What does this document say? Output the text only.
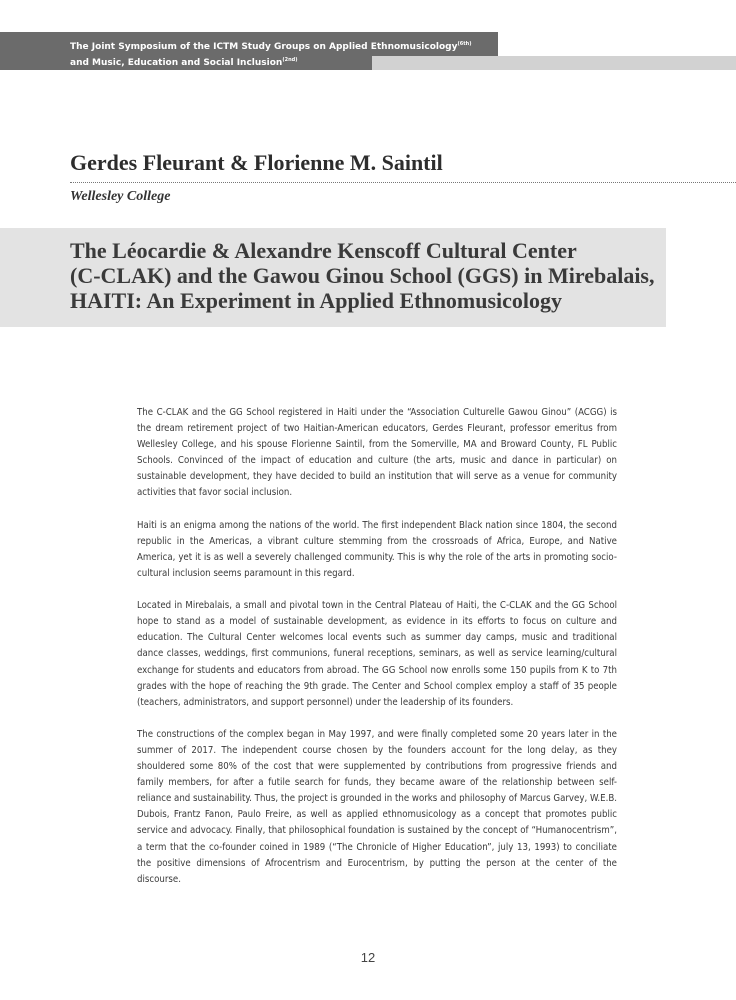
The Joint Symposium of the ICTM Study Groups on Applied Ethnomusicology$^{(6th)}$
and Music, Education and Social Inclusion$^{(2nd)}$
Gerdes Fleurant & Florienne M. Saintil
Wellesley College
The Léocardie & Alexandre Kenscoff Cultural Center
(C-CLAK) and the Gawou Ginou School (GGS) in Mirebalais,
HAITI: An Experiment in Applied Ethnomusicology

The C-CLAK and the GG School registered in Haiti under the “Association Culturelle Gawou Ginou” (ACGG) is the dream retirement project of two Haitian-American educators, Gerdes Fleurant, professor emeritus from Wellesley College, and his spouse Florienne Saintil, from the Somerville, MA and Broward County, FL Public Schools. Convinced of the impact of education and culture (the arts, music and dance in particular) on sustainable development, they have decided to build an institution that will serve as a venue for community activities that favor social inclusion.

Haiti is an enigma among the nations of the world. The first independent Black nation since 1804, the second republic in the Americas, a vibrant culture stemming from the crossroads of Africa, Europe, and Native America, yet it is as well a severely challenged community. This is why the role of the arts in promoting socio-cultural inclusion seems paramount in this regard.

Located in Mirebalais, a small and pivotal town in the Central Plateau of Haiti, the C-CLAK and the GG School hope to stand as a model of sustainable development, as evidence in its efforts to focus on culture and education. The Cultural Center welcomes local events such as summer day camps, music and traditional dance classes, weddings, first communions, funeral receptions, seminars, as well as service learning/cultural exchange for students and educators from abroad. The GG School now enrolls some 150 pupils from K to 7th grades with the hope of reaching the 9th grade. The Center and School complex employ a staff of 35 people (teachers, administrators, and support personnel) under the leadership of its founders.

The constructions of the complex began in May 1997, and were finally completed some 20 years later in the summer of 2017. The independent course chosen by the founders account for the long delay, as they shouldered some 80% of the cost that were supplemented by contributions from progressive friends and family members, for after a futile search for funds, they became aware of the relationship between self-reliance and sustainability. Thus, the project is grounded in the works and philosophy of Marcus Garvey, W.E.B. Dubois, Frantz Fanon, Paulo Freire, as well as applied ethnomusicology as a concept that promotes public service and advocacy. Finally, that philosophical foundation is sustained by the concept of “Humanocentrism”, a term that the co-founder coined in 1989 (“The Chronicle of Higher Education”, july 13, 1993) to conciliate the positive dimensions of Afrocentrism and Eurocentrism, by putting the person at the center of the discourse.

12
